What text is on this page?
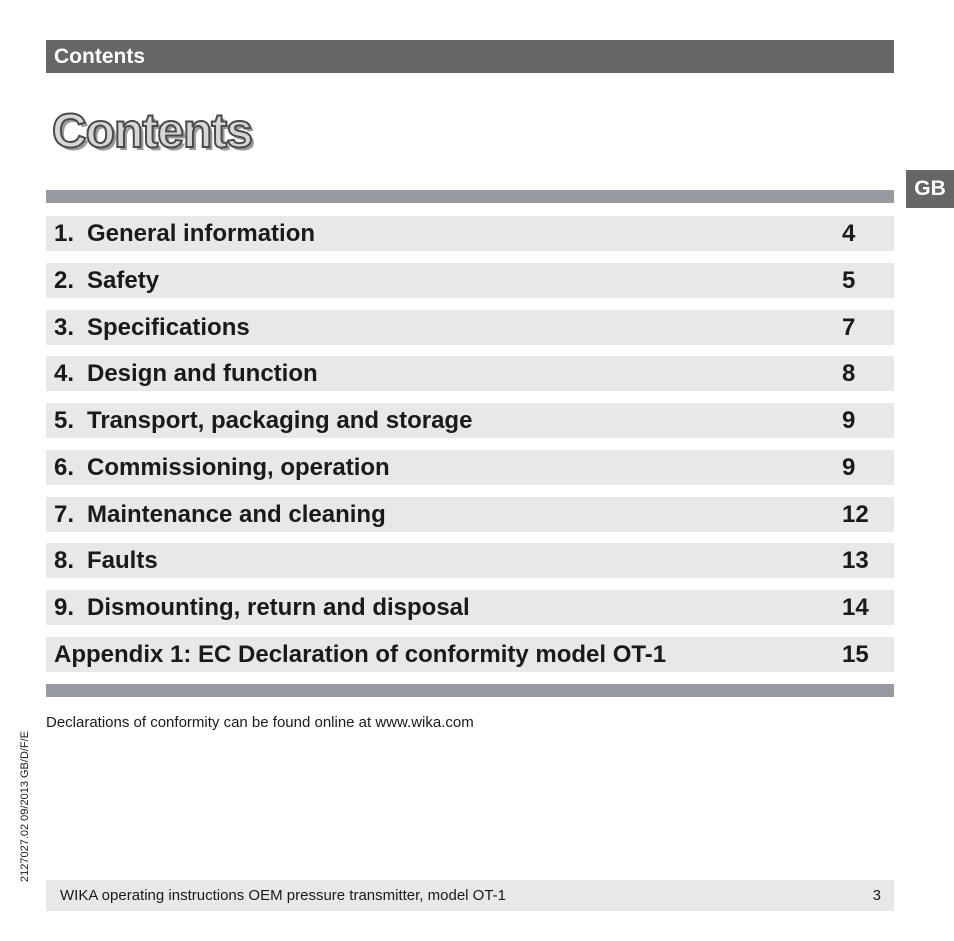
Contents
Contents
GB
1. General information	4
2. Safety	5
3. Specifications	7
4. Design and function	8
5. Transport, packaging and storage	9
6. Commissioning, operation	9
7. Maintenance and cleaning	12
8. Faults	13
9. Dismounting, return and disposal	14
Appendix 1: EC Declaration of conformity model OT-1	15
Declarations of conformity can be found online at www.wika.com
2127027.02 09/2013 GB/D/F/E
WIKA operating instructions OEM pressure transmitter, model OT-1	3
